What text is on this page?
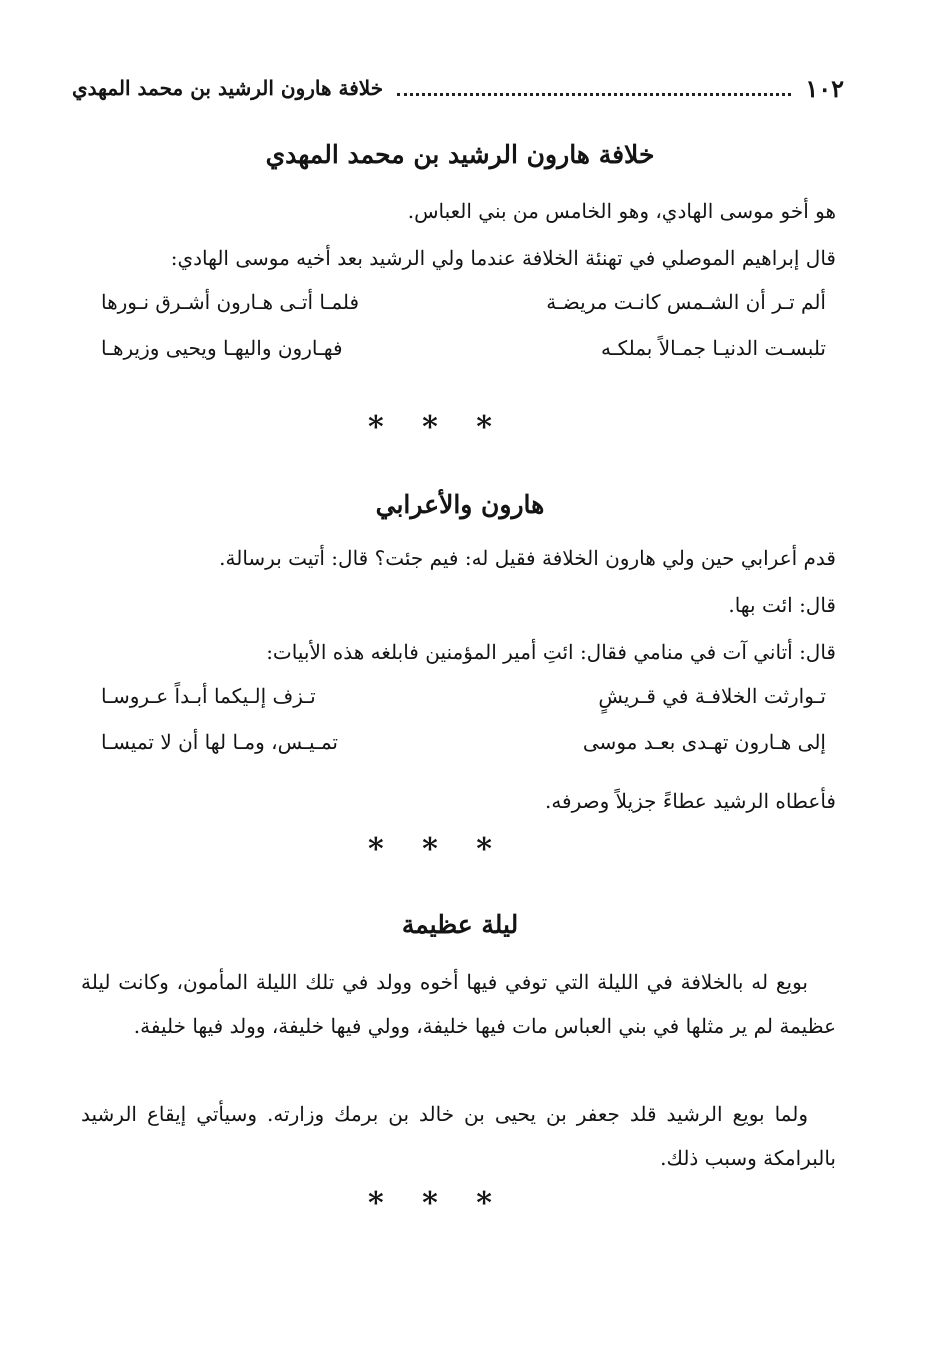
١٠٢
خلافة هارون الرشيد بن محمد المهدي
خلافة هارون الرشيد بن محمد المهدي
هو أخو موسى الهادي، وهو الخامس من بني العباس.
قال إبراهيم الموصلي في تهنئة الخلافة عندما ولي الرشيد بعد أخيه موسى الهادي:
ألم تـر أن الشـمس كانـت مريضـة
فلمـا أتـى هـارون أشـرق نـورها
تلبسـت الدنيـا جمـالاً بملكـه
فهـارون واليهـا ويحيى وزيرهـا
* * *
هارون والأعرابي
قدم أعرابي حين ولي هارون الخلافة فقيل له: فيم جئت؟ قال: أتيت برسالة.
قال: ائت بها.
قال: أتاني آت في منامي فقال: ائتِ أمير المؤمنين فابلغه هذه الأبيات:
تـوارثت الخلافـة في قـريشٍ
تـزف إلـيكما أبـداً عـروسـا
إلى هـارون تهـدى بعـد موسى
تمـيـس، ومـا لها أن لا تميسـا
فأعطاه الرشيد عطاءً جزيلاً وصرفه.
* * *
ليلة عظيمة
بويع له بالخلافة في الليلة التي توفي فيها أخوه وولد في تلك الليلة المأمون، وكانت ليلة عظيمة لم ير مثلها في بني العباس مات فيها خليفة، وولي فيها خليفة، وولد فيها خليفة.
ولما بويع الرشيد قلد جعفر بن يحيى بن خالد بن برمك وزارته. وسيأتي إيقاع الرشيد بالبرامكة وسبب ذلك.
* * *
